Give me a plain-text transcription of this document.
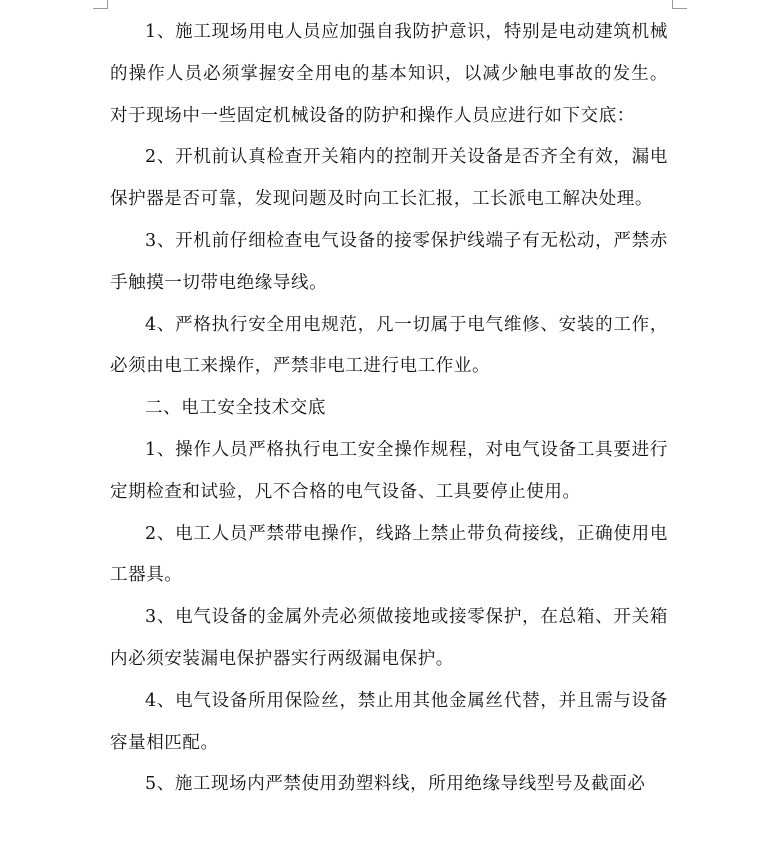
1、施工现场用电人员应加强自我防护意识，特别是电动建筑机械的操作人员必须掌握安全用电的基本知识，以减少触电事故的发生。对于现场中一些固定机械设备的防护和操作人员应进行如下交底：

2、开机前认真检查开关箱内的控制开关设备是否齐全有效，漏电保护器是否可靠，发现问题及时向工长汇报，工长派电工解决处理。

3、开机前仔细检查电气设备的接零保护线端子有无松动，严禁赤手触摸一切带电绝缘导线。

4、严格执行安全用电规范，凡一切属于电气维修、安装的工作，必须由电工来操作，严禁非电工进行电工作业。

二、电工安全技术交底

1、操作人员严格执行电工安全操作规程，对电气设备工具要进行定期检查和试验，凡不合格的电气设备、工具要停止使用。

2、电工人员严禁带电操作，线路上禁止带负荷接线，正确使用电工器具。

3、电气设备的金属外壳必须做接地或接零保护，在总箱、开关箱内必须安装漏电保护器实行两级漏电保护。

4、电气设备所用保险丝，禁止用其他金属丝代替，并且需与设备容量相匹配。

5、施工现场内严禁使用劲塑料线，所用绝缘导线型号及截面必
